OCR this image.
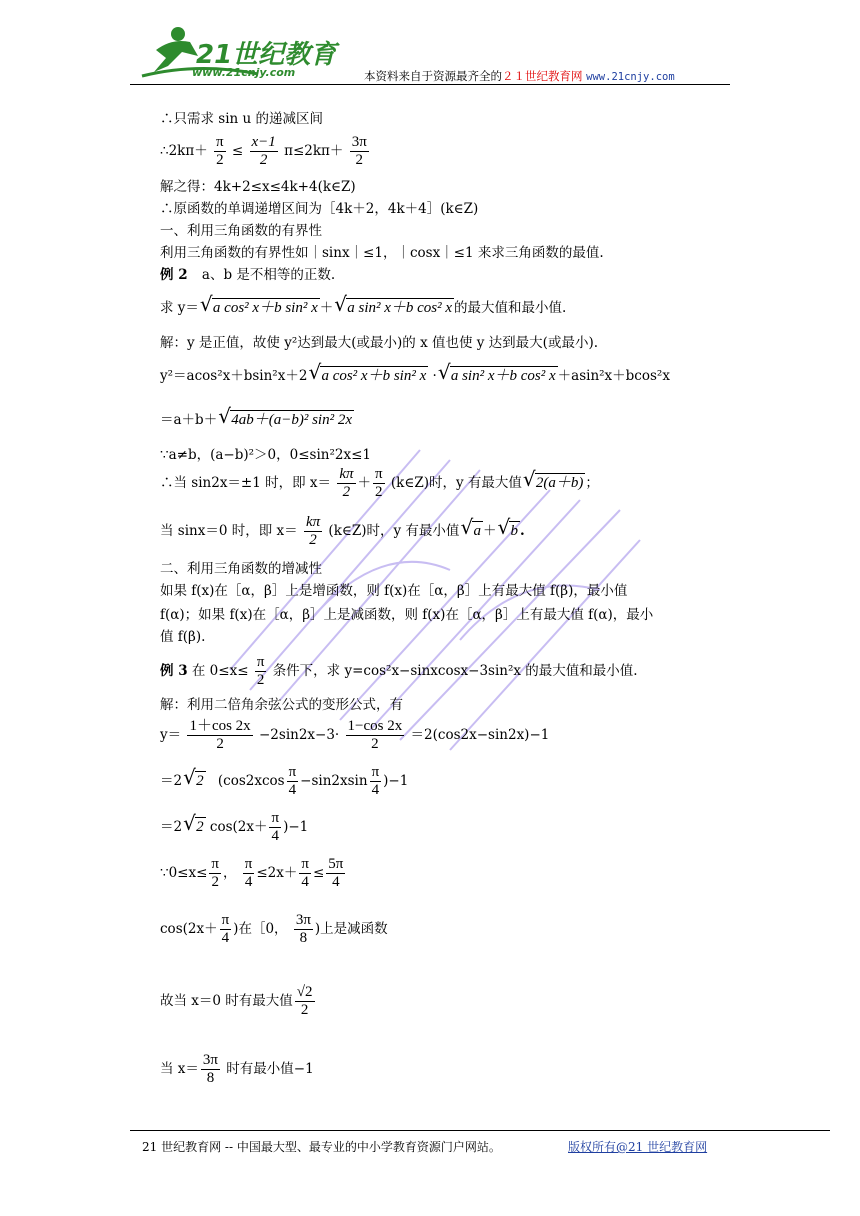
21世纪教育
www.21cnjy.com	本资料来自于资源最齐全的２１世纪教育网 www.21cnjy.com
∴只需求 sin u 的递减区间
∴2kπ＋ $\frac{\pi}{2} \le \frac{x-1}{2} \pi\le 2k\pi+ \frac{3\pi}{2}$
解之得：4k+2≤x≤4k+4(k∈Z)
∴原函数的单调递增区间为［4k＋2，4k＋4］(k∈Z)
一、利用三角函数的有界性
利用三角函数的有界性如｜sinx｜≤1，｜cosx｜≤1 来求三角函数的最值.
例 2 a、b 是不相等的正数.
求 y＝ √ a cos² x＋b sin² x ＋ √ a sin² x＋b cos² x 的最大值和最小值.
解：y 是正值，故使 y²达到最大(或最小)的 x 值也使 y 达到最大(或最小).
y²＝acos²x＋bsin²x＋2 √ a cos² x＋b sin² x · √ a sin² x＋b cos² x ＋asin²x＋bcos²x
＝a＋b＋ √ 4ab＋(a−b)² sin² 2x
∵a≠b，(a−b)²＞0，0≤sin²2x≤1
∴当 sin2x＝±1 时，即 $x= \frac{k\pi}{2} + \frac{\pi}{2}$ (k∈Z)时，y 有最大值 √ 2(a＋b) ；
当 sinx＝0 时，即 $x= \frac{k\pi}{2}$ (k∈Z)时，y 有最小值 √ a ＋ √ b .
二、利用三角函数的增减性
如果 f(x)在［α，β］上是增函数，则 f(x)在［α，β］上有最大值 f(β)，最小值
f(α)；如果 f(x)在［α，β］上是减函数，则 f(x)在［α，β］上有最大值 f(α)，最小
值 f(β).
例 3 在 $0\le x\le \frac{\pi}{2}$ 条件下，求 y=cos²x−sinxcosx−3sin²x 的最大值和最小值.
解：利用二倍角余弦公式的变形公式，有
$y= \frac{1+\cos 2x}{2} -2\sin 2x-3\cdot \frac{1-\cos 2x}{2} =2(\cos 2x-\sin 2x)-1$
＝2 √ 2 $(\cos 2xcos \frac{\pi}{4} -\sin 2xsin \frac{\pi}{4} )-1$
＝2 √ 2 $\cos(2x+ \frac{\pi}{4} )-1$
∵0≤x≤ $\frac{\pi}{2}$ ， $\frac{\pi}{4} \le 2x+ \frac{\pi}{4} \le \frac{5\pi}{4}$
$\cos(2x+ \frac{\pi}{4}$ )在［0， $\frac{3\pi}{8}$ )上是减函数
故当 x＝0 时有最大值 $\frac{√2}{2}$
当 $x= \frac{3\pi}{8}$ 时有最小值−1
21 世纪教育网 -- 中国最大型、最专业的中小学教育资源门户网站。	版权所有@21 世纪教育网
